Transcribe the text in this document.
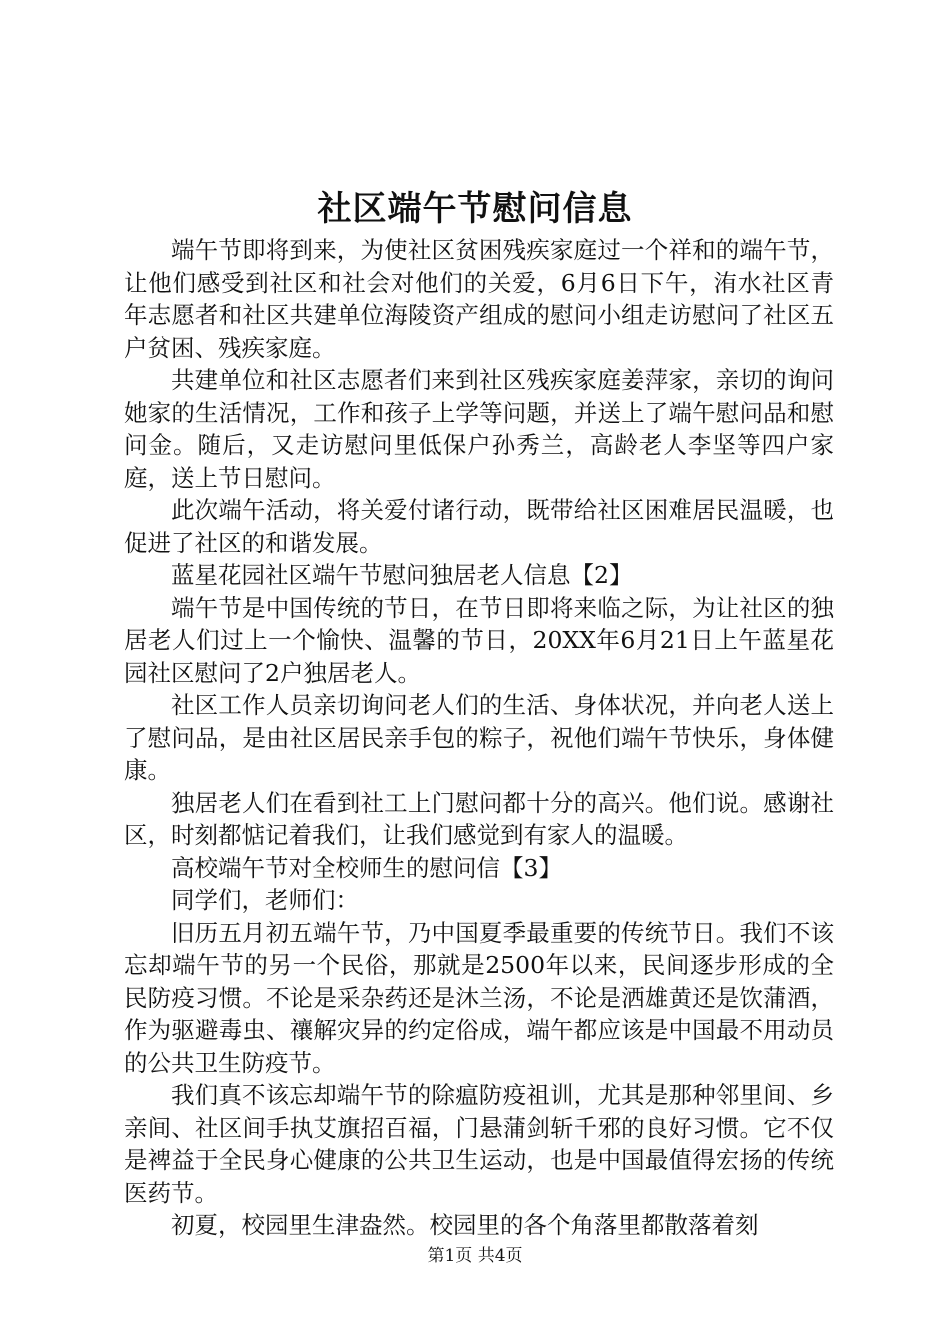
社区端午节慰问信息

端午节即将到来，为使社区贫困残疾家庭过一个祥和的端午节，让他们感受到社区和社会对他们的关爱，6月6日下午，洧水社区青年志愿者和社区共建单位海陵资产组成的慰问小组走访慰问了社区五户贫困、残疾家庭。

共建单位和社区志愿者们来到社区残疾家庭姜萍家，亲切的询问她家的生活情况，工作和孩子上学等问题，并送上了端午慰问品和慰问金。随后，又走访慰问里低保户孙秀兰，高龄老人李坚等四户家庭，送上节日慰问。

此次端午活动，将关爱付诸行动，既带给社区困难居民温暖，也促进了社区的和谐发展。

蓝星花园社区端午节慰问独居老人信息【2】

端午节是中国传统的节日，在节日即将来临之际，为让社区的独居老人们过上一个愉快、温馨的节日，20XX年6月21日上午蓝星花园社区慰问了2户独居老人。

社区工作人员亲切询问老人们的生活、身体状况，并向老人送上了慰问品，是由社区居民亲手包的粽子，祝他们端午节快乐，身体健康。

独居老人们在看到社工上门慰问都十分的高兴。他们说。感谢社区，时刻都惦记着我们，让我们感觉到有家人的温暖。

高校端午节对全校师生的慰问信【3】

同学们，老师们：

旧历五月初五端午节，乃中国夏季最重要的传统节日。我们不该忘却端午节的另一个民俗，那就是2500年以来，民间逐步形成的全民防疫习惯。不论是采杂药还是沐兰汤，不论是洒雄黄还是饮蒲酒，作为驱避毒虫、禳解灾异的约定俗成，端午都应该是中国最不用动员的公共卫生防疫节。

我们真不该忘却端午节的除瘟防疫祖训，尤其是那种邻里间、乡亲间、社区间手执艾旗招百福，门悬蒲剑斩千邪的良好习惯。它不仅是裨益于全民身心健康的公共卫生运动，也是中国最值得宏扬的传统医药节。

初夏，校园里生津盎然。校园里的各个角落里都散落着刻

第1页 共4页
